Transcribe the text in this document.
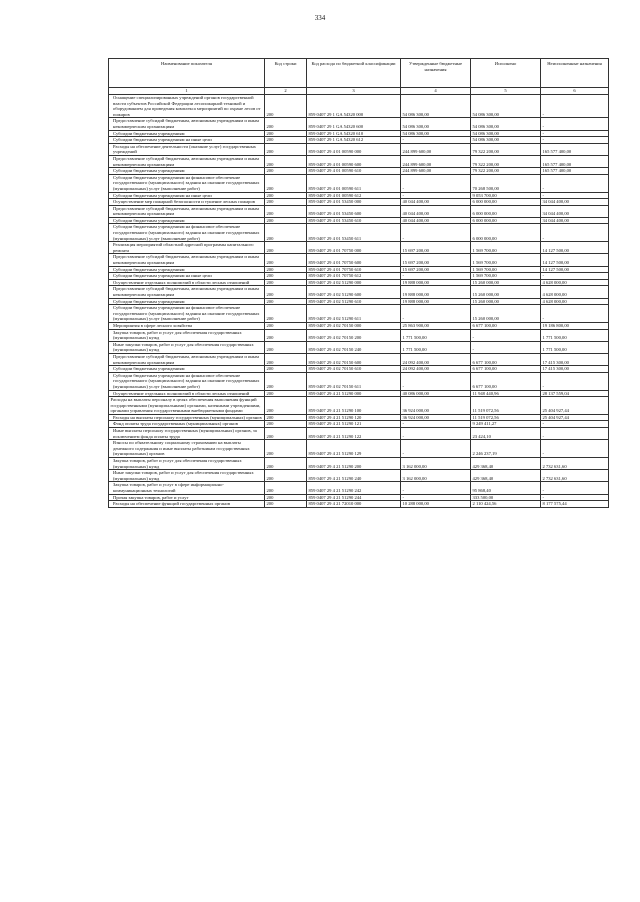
334
Наименование показателя	Код строки	Код расхода по бюджетной классификации	Утвержденные бюджетные назначения	Исполнено	Неисполненные назначения
1	2	3	4	5	6
Оснащение специализированных учреждений органов государственной власти субъектов Российской Федерации лесопожарной техникой и оборудованием для проведения комплекса мероприятий по охране лесов от пожаров	200	859 0407 29 1 GA 54320 000	54 086 300,00	54 086 300,00	-
Предоставление субсидий бюджетным, автономным учреждениям и иным некоммерческим организациям	200	859 0407 29 1 GA 54320 600	54 086 300,00	54 086 300,00	-
Субсидии бюджетным учреждениям	200	859 0407 29 1 GA 54320 610	54 086 300,00	54 086 300,00	-
Субсидии бюджетным учреждениям на иные цели	200	859 0407 29 1 GA 54320 612	-	54 086 300,00	-
Расходы на обеспечение деятельности (оказание услуг) государственных учреждений	200	859 0407 29 4 01 00590 000	244 899 600,00	79 322 200,00	165 577 400,00
Предоставление субсидий бюджетным, автономным учреждениям и иным некоммерческим организациям	200	859 0407 29 4 01 00590 600	244 899 600,00	79 322 200,00	165 577 400,00
Субсидии бюджетным учреждениям	200	859 0407 29 4 01 00590 610	244 899 600,00	79 322 200,00	165 577 400,00
Субсидии бюджетным учреждениям на финансовое обеспечение государственного (муниципального) задания на оказание государственных (муниципальных) услуг (выполнение работ)	200	859 0407 29 4 01 00590 611	-	70 268 500,00	-
Субсидии бюджетным учреждениям на иные цели	200	859 0407 29 4 01 00590 612	-	9 053 700,00	-
Осуществление мер пожарной безопасности и тушение лесных пожаров	200	859 0407 29 4 01 53450 000	40 044 400,00	6 000 000,00	34 044 400,00
Предоставление субсидий бюджетным, автономным учреждениям и иным некоммерческим организациям	200	859 0407 29 4 01 53450 600	40 044 400,00	6 000 000,00	34 044 400,00
Субсидии бюджетным учреждениям	200	859 0407 29 4 01 53450 610	40 044 400,00	6 000 000,00	34 044 400,00
Субсидии бюджетным учреждениям на финансовое обеспечение государственного (муниципального) задания на оказание государственных (муниципальных) услуг (выполнение работ)	200	859 0407 29 4 01 53450 611	-	6 000 000,00	-
Реализация мероприятий областной адресной программы капитального ремонта	200	859 0407 29 4 01 70750 000	15 697 200,00	1 569 700,00	14 127 500,00
Предоставление субсидий бюджетным, автономным учреждениям и иным некоммерческим организациям	200	859 0407 29 4 01 70750 600	15 697 200,00	1 569 700,00	14 127 500,00
Субсидии бюджетным учреждениям	200	859 0407 29 4 01 70750 610	15 697 200,00	1 569 700,00	14 127 500,00
Субсидии бюджетным учреждениям на иные цели	200	859 0407 29 4 01 70750 612	-	1 569 700,00	-
Осуществление отдельных полномочий в области лесных отношений	200	859 0407 29 4 02 51290 000	19 888 000,00	15 260 000,00	4 628 000,00
Предоставление субсидий бюджетным, автономным учреждениям и иным некоммерческим организациям	200	859 0407 29 4 02 51290 600	19 888 000,00	15 260 000,00	4 628 000,00
Субсидии бюджетным учреждениям	200	859 0407 29 4 02 51290 610	19 888 000,00	15 260 000,00	4 628 000,00
Субсидии бюджетным учреждениям на финансовое обеспечение государственного (муниципального) задания на оказание государственных (муниципальных) услуг (выполнение работ)	200	859 0407 29 4 02 51290 611	-	15 260 000,00	-
Мероприятия в сфере лесного хозяйства	200	859 0407 29 4 02 70150 000	25 863 900,00	6 677 100,00	19 186 800,00
Закупка товаров, работ и услуг для обеспечения государственных (муниципальных) нужд	200	859 0407 29 4 02 70150 200	1 771 500,00	-	1 771 500,00
Иные закупки товаров, работ и услуг для обеспечения государственных (муниципальных) нужд	200	859 0407 29 4 02 70150 240	1 771 500,00	-	1 771 500,00
Предоставление субсидий бюджетным, автономным учреждениям и иным некоммерческим организациям	200	859 0407 29 4 02 70150 600	24 092 400,00	6 677 100,00	17 415 300,00
Субсидии бюджетным учреждениям	200	859 0407 29 4 02 70150 610	24 092 400,00	6 677 100,00	17 415 300,00
Субсидии бюджетным учреждениям на финансовое обеспечение государственного (муниципального) задания на оказание государственных (муниципальных) услуг (выполнение работ)	200	859 0407 29 4 02 70150 611	-	6 677 100,00	-
Осуществление отдельных полномочий в области лесных отношений	200	859 0407 29 4 21 51290 000	40 086 000,00	11 948 440,96	28 137 559,04
Расходы на выплаты персоналу в целях обеспечения выполнения функций государственными (муниципальными) органами, казенными учреждениями, органами управления государственными внебюджетными фондами	200	859 0407 29 4 21 51290 100	36 924 000,00	11 519 072,56	25 404 927,44
Расходы на выплаты персоналу государственных (муниципальных) органов	200	859 0407 29 4 21 51290 120	36 924 000,00	11 519 072,56	25 404 927,44
Фонд оплаты труда государственных (муниципальных) органов	200	859 0407 29 4 21 51290 121	-	9 249 411,27	-
Иные выплаты персоналу государственных (муниципальных) органов, за исключением фонда оплаты труда	200	859 0407 29 4 21 51290 122	-	23 424,10	-
Взносы по обязательному социальному страхованию на выплаты денежного содержания и иные выплаты работникам государственных (муниципальных) органов	200	859 0407 29 4 21 51290 129	-	2 246 237,19	-
Закупка товаров, работ и услуг для обеспечения государственных (муниципальных) нужд	200	859 0407 29 4 21 51290 200	3 162 000,00	429 368,40	2 732 631,60
Иные закупки товаров, работ и услуг для обеспечения государственных (муниципальных) нужд	200	859 0407 29 4 21 51290 240	3 162 000,00	429 368,40	2 732 631,60
Закупка товаров, работ и услуг в сфере информационно-коммуникационных технологий	200	859 0407 29 4 21 51290 242	-	95 868,40	-
Прочая закупка товаров, работ и услуг	200	859 0407 29 4 21 51290 244	-	333 500,00	-
Расходы на обеспечение функций государственных органов	200	859 0407 29 4 21 72010 000	10 288 000,00	2 110 424,56	8 177 575,44
